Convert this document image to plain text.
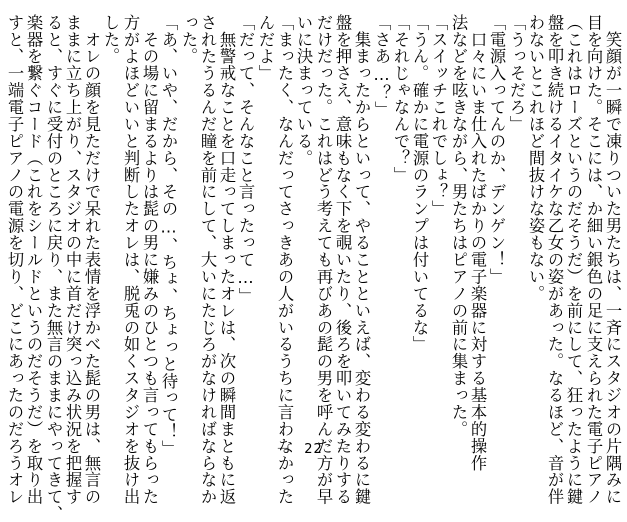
　笑顔が一瞬で凍りついた男たちは、一斉にスタジオの片隅みに
目を向けた。そこには、か細い銀色の足に支えられた電子ピアノ
（これはローズというのだそうだ）を前にして、狂ったように鍵
盤を叩き続けるイタイケな乙女の姿があった。なるほど、音が伴
わないとこれほど間抜けな姿もない。
「うっそだろ」
「電源入ってんのか、デンゲン！」
　口々にいま仕入れたばかりの電子楽器に対する基本的操作
法などを呟きながら、男たちはピアノの前に集まった。
「スイッチこれでしょ？」
「うん。確かに電源のランプは付いてるな」
「それじゃなんで？」
「さあ…？」
　集まったからといって、やることといえば、変わる変わるに鍵
盤を押さえ、意味もなく下を覗いたり、後ろを叩いてみたりする
だけだった。これはどう考えても再びあの髭の男を呼んだ方が早
いに決まっている。
「まったく、なんだってさっきあの人がいるうちに言わなかった
んだよ」
「だって、そんなこと言ったって…」
　無警戒なことを口走ってしまったオレは、次の瞬間まともに返
されたうるんだ瞳を前にして、大いにたじろがなければならなか
った。
「あ、いや、だから、その…、ちょ、ちょっと待って！」
　その場に留まるよりは髭の男に嫌みのひとつも言ってもらった
方がよほどいいと判断したオレは、脱兎の如くスタジオを抜け出
した。
　オレの顔を見ただけで呆れた表情を浮かべた髭の男は、無言の
ままに立ち上がり、スタジオの中に首だけ突っ込み状況を把握す
ると、すぐに受付のところに戻り、また無言のままにやってきて、
楽器を繋ぐコード（これをシールドというのだそうだ）を取り出
すと、一端電子ピアノの電源を切り、どこにあったのだろうオレ	－　22　－
